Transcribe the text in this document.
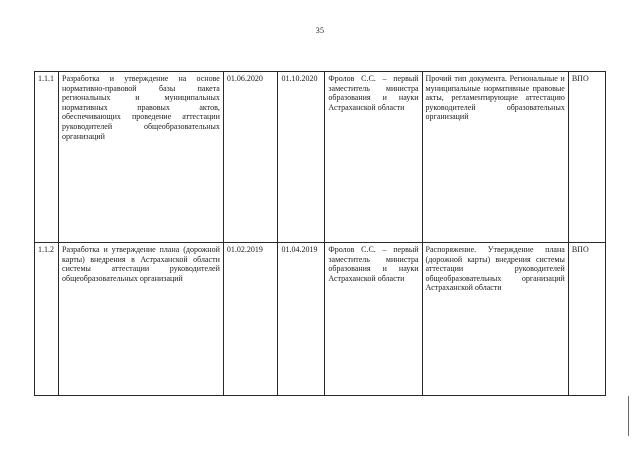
35
1.1.1	Разработка и утверждение на основе нормативно-правовой базы пакета региональных и муниципальных нормативных правовых актов, обеспечивающих проведение аттестации руководителей общеобразовательных организаций	01.06.2020	01.10.2020	Фролов С.С. – первый заместитель министра образования и науки Астраханской области	Прочий тип документа. Региональные и муниципальные нормативные правовые акты, регламентирующие аттестацию руководителей образовательных организаций	ВПО
1.1.2	Разработка и утверждение плана (дорожной карты) внедрения в Астраханской области системы аттестации руководителей общеобразовательных организаций	01.02.2019	01.04.2019	Фролов С.С. – первый заместитель министра образования и науки Астраханской области	Распоряжение. Утверждение плана (дорожной карты) внедрения системы аттестации руководителей общеобразовательных организаций Астраханской области	ВПО
